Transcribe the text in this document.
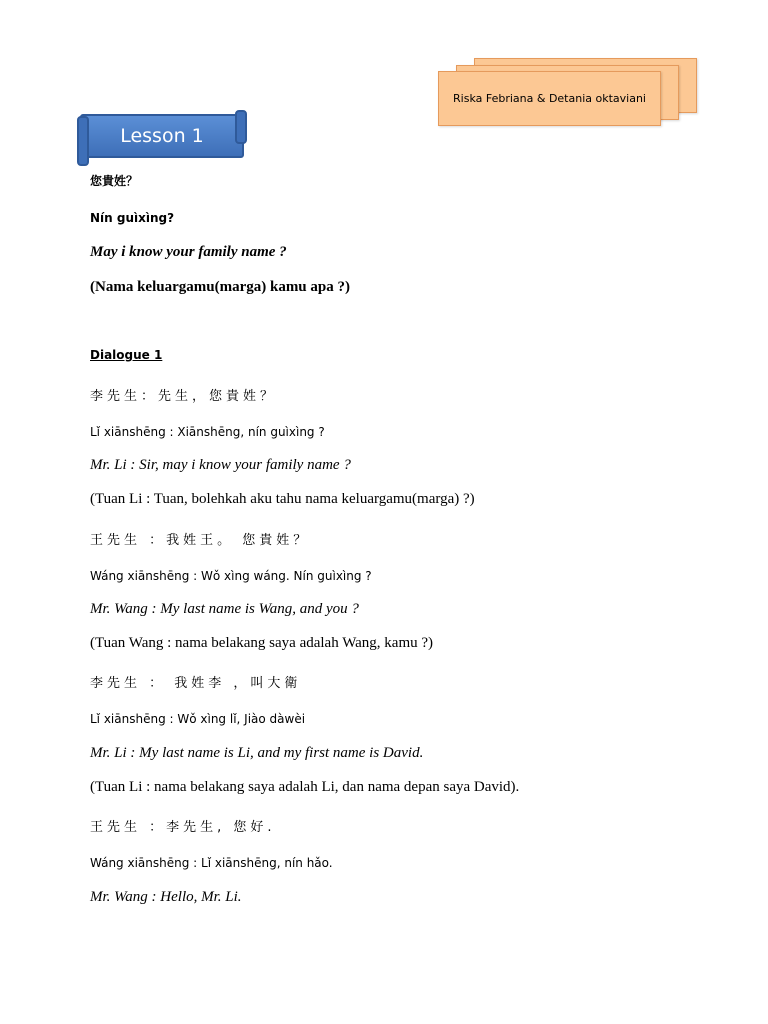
Riska Febriana & Detania oktaviani
Lesson 1
您貴姓？
Nín guìxìng?
May i know your family name ?
(Nama keluargamu(marga) kamu apa ?)
Dialogue 1
李先生：先生，您貴姓？
Lǐ xiānshēng : Xiānshēng, nín guìxìng ?
Mr. Li : Sir, may i know your family name ?
(Tuan Li : Tuan, bolehkah aku tahu nama keluargamu(marga) ?)
王先生 ：我姓王。 您貴姓？
Wáng xiānshēng : Wǒ xìng wáng. Nín guìxìng ?
Mr. Wang : My last name is Wang, and you ?
(Tuan Wang : nama belakang saya adalah Wang, kamu ?)
李先生 ： 我姓李 ，叫大衛
Lǐ xiānshēng : Wǒ xìng lǐ, Jiào dàwèi
Mr. Li : My last name is Li, and my first name is David.
(Tuan Li : nama belakang saya adalah Li, dan nama depan saya David).
王先生 ：李先生, 您好.
Wáng xiānshēng : Lǐ xiānshēng, nín hǎo.
Mr. Wang : Hello, Mr. Li.
